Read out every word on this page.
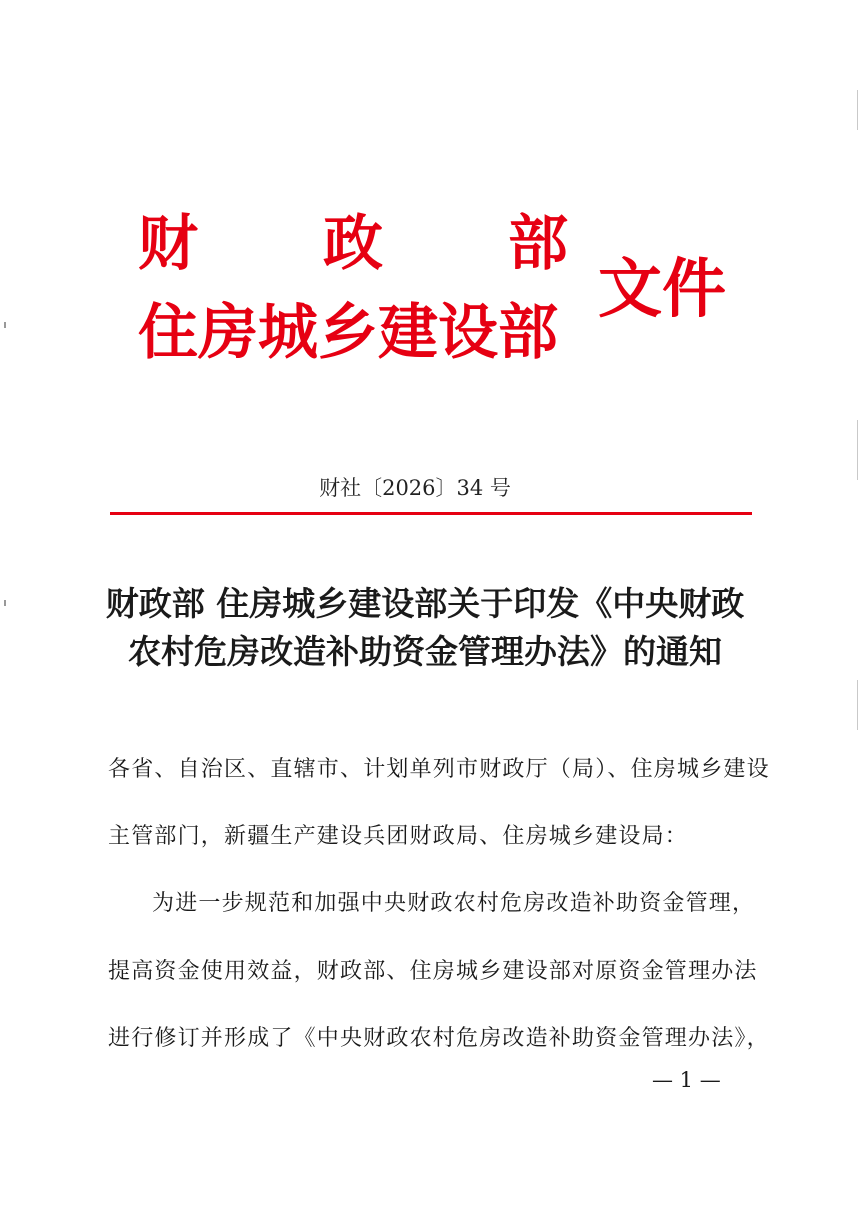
财 政 部
住房城乡建设部
文件
财社〔2026〕34 号
财政部 住房城乡建设部关于印发《中央财政
农村危房改造补助资金管理办法》的通知
各省、自治区、直辖市、计划单列市财政厅（局）、住房城乡建设
主管部门，新疆生产建设兵团财政局、住房城乡建设局：
为进一步规范和加强中央财政农村危房改造补助资金管理，
提高资金使用效益，财政部、住房城乡建设部对原资金管理办法
进行修订并形成了《中央财政农村危房改造补助资金管理办法》，
— 1 —
